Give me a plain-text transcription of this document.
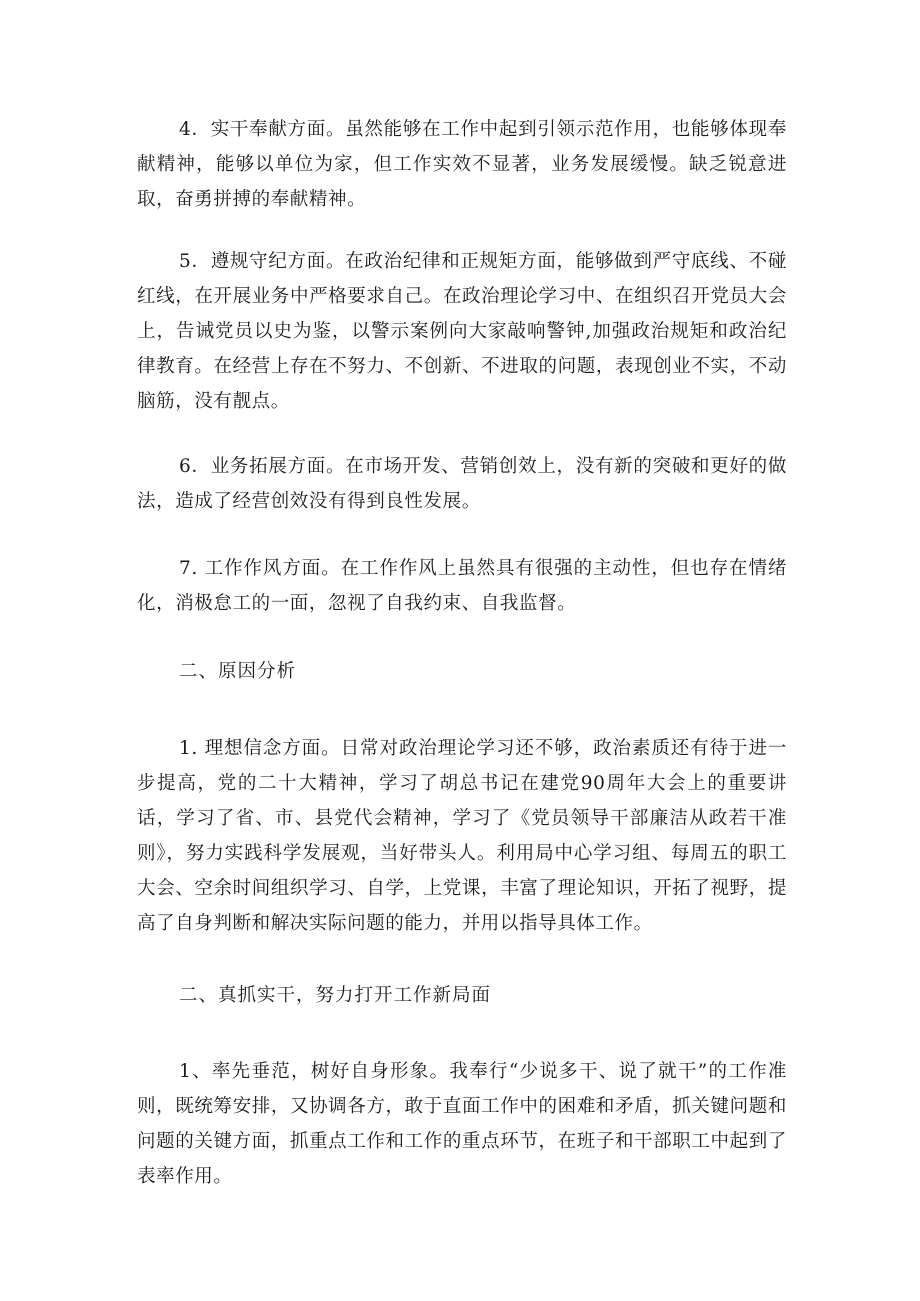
4．实干奉献方面。虽然能够在工作中起到引领示范作用，也能够体现奉献精神，能够以单位为家，但工作实效不显著，业务发展缓慢。缺乏锐意进取，奋勇拼搏的奉献精神。

5．遵规守纪方面。在政治纪律和正规矩方面，能够做到严守底线、不碰红线，在开展业务中严格要求自己。在政治理论学习中、在组织召开党员大会上，告诫党员以史为鉴，以警示案例向大家敲响警钟,加强政治规矩和政治纪律教育。在经营上存在不努力、不创新、不进取的问题，表现创业不实，不动脑筋，没有靓点。

6．业务拓展方面。在市场开发、营销创效上，没有新的突破和更好的做法，造成了经营创效没有得到良性发展。

7. 工作作风方面。在工作作风上虽然具有很强的主动性，但也存在情绪化，消极怠工的一面，忽视了自我约束、自我监督。

二、原因分析

1. 理想信念方面。日常对政治理论学习还不够，政治素质还有待于进一步提高，党的二十大精神，学习了胡总书记在建党90周年大会上的重要讲话，学习了省、市、县党代会精神，学习了《党员领导干部廉洁从政若干准则》，努力实践科学发展观，当好带头人。利用局中心学习组、每周五的职工大会、空余时间组织学习、自学，上党课，丰富了理论知识，开拓了视野，提高了自身判断和解决实际问题的能力，并用以指导具体工作。

二、真抓实干，努力打开工作新局面

1、率先垂范，树好自身形象。我奉行“少说多干、说了就干”的工作准则，既统筹安排，又协调各方，敢于直面工作中的困难和矛盾，抓关键问题和问题的关键方面，抓重点工作和工作的重点环节，在班子和干部职工中起到了表率作用。
